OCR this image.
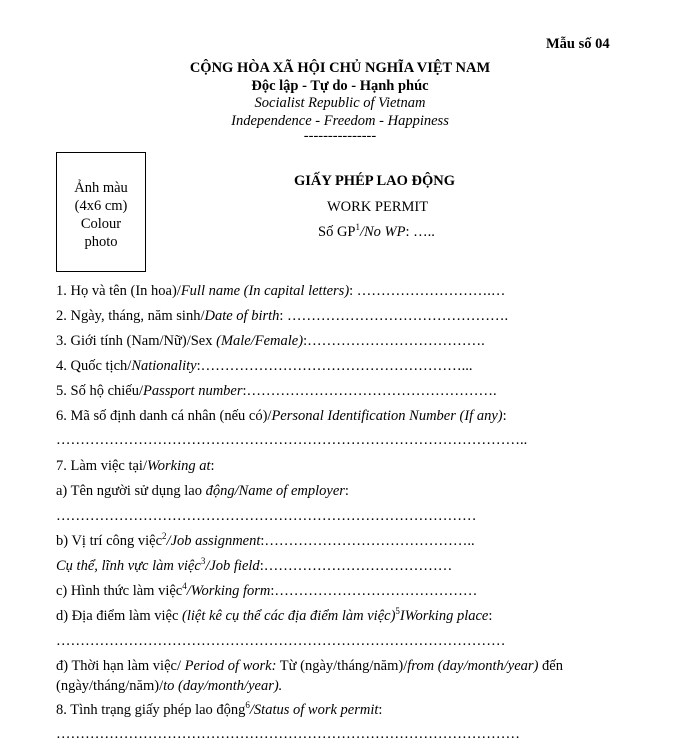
Mẫu số 04
CỘNG HÒA XÃ HỘI CHỦ NGHĨA VIỆT NAM
Độc lập - Tự do - Hạnh phúc
Socialist Republic of Vietnam
Independence - Freedom - Happiness
---------------
Ảnh màu
(4x6 cm)
Colour
photo
GIẤY PHÉP LAO ĐỘNG
WORK PERMIT
Số $GP^1/No$ WP: …..
1. Họ và tên (In hoa)/Full name (In capital letters): ……………………….…
2. Ngày, tháng, năm sinh/Date of birth: ……………………………………….
3. Giới tính (Nam/Nữ)/Sex (Male/Female):……………………………….
4. Quốc tịch/Nationality:………………………………………………...
5. Số hộ chiếu/Passport number:…………………………………………….
6. Mã số định danh cá nhân (nếu có)/Personal Identification Number (If any):
……………………………………………………………………………………..
7. Làm việc tại/Working at:
a) Tên người sử dụng lao động/Name of employer:
……………………………………………………………………………
b) Vị trí công việc$^2$/Job assignment:……………………………………..
Cụ thể, lĩnh vực làm việc$^3$/Job field:…………………………………
c) Hình thức làm việc$^4$/Working form:……………………………………
d) Địa điểm làm việc (liệt kê cụ thể các địa điểm làm việc)$^5$IWorking place:
…………………………………………………………………………………
đ) Thời hạn làm việc/ Period of work: Từ (ngày/tháng/năm)/from (day/month/year) đến
(ngày/tháng/năm)/to (day/month/year).
8. Tình trạng giấy phép lao động$^6$/Status of work permit:
……………………………………………………………………………………
